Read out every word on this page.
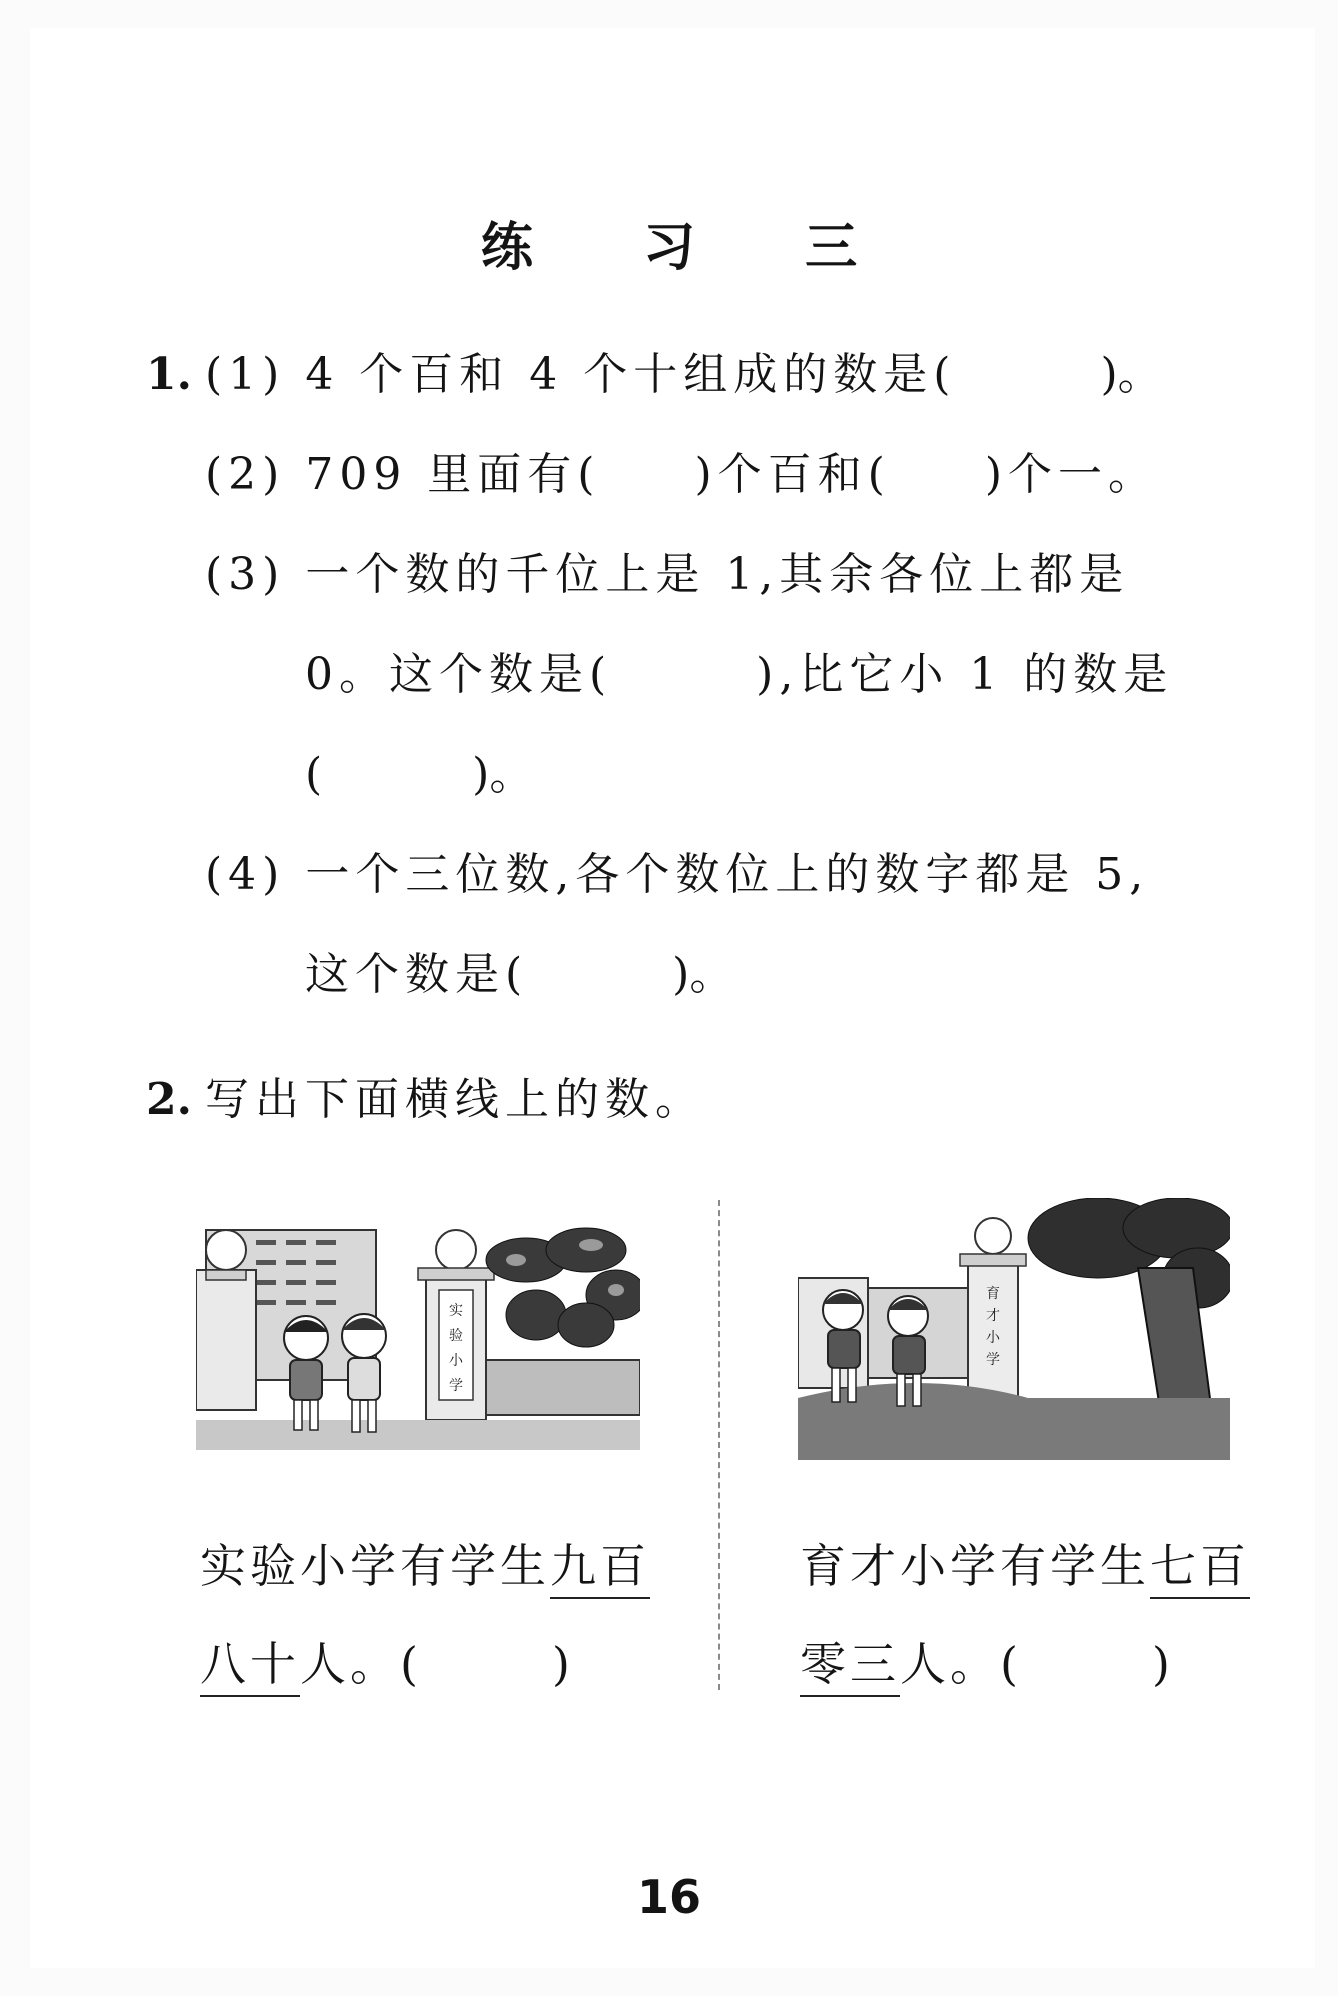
练 习 三
1. (1) 4 个百和 4 个十组成的数是(	)。
(2) 709 里面有( )个百和( )个一。
(3) 一个数的千位上是 1,其余各位上都是
0。这个数是(	),比它小 1 的数是
(	)。
(4) 一个三位数,各个数位上的数字都是 5,
这个数是(	)。
2. 写出下面横线上的数。
实
验
小
学
育
才
小
学
实验小学有学生九百
八十人。(	)
育才小学有学生七百
零三人。(	)
16
